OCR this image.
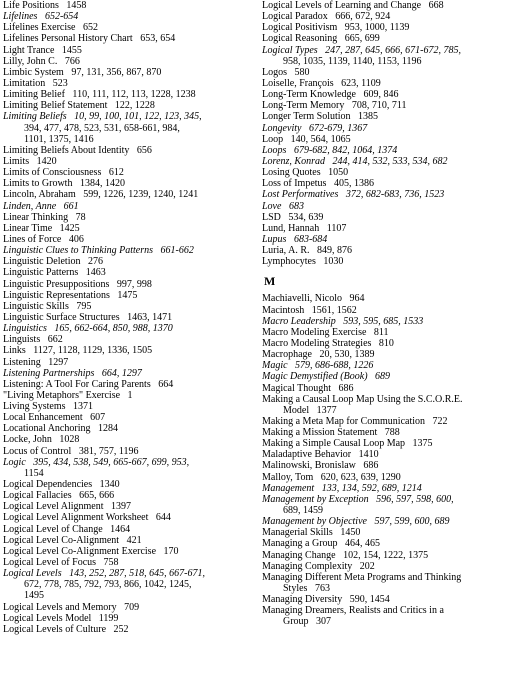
Life Positions   1458
Lifelines   652-654
Lifelines Exercise   652
Lifelines Personal History Chart   653, 654
Light Trance   1455
Lilly, John C.   766
Limbic System   97, 131, 356, 867, 870
Limitation   523
Limiting Belief   110, 111, 112, 113, 1228, 1238
Limiting Belief Statement   122, 1228
Limiting Beliefs   10, 99, 100, 101, 122, 123, 345,
394, 477, 478, 523, 531, 658-661, 984,
1101, 1375, 1416
Limiting Beliefs About Identity   656
Limits   1420
Limits of Consciousness   612
Limits to Growth   1384, 1420
Lincoln, Abraham   599, 1226, 1239, 1240, 1241
Linden, Anne   661
Linear Thinking   78
Linear Time   1425
Lines of Force   406
Linguistic Clues to Thinking Patterns   661-662
Linguistic Deletion   276
Linguistic Patterns   1463
Linguistic Presuppositions   997, 998
Linguistic Representations   1475
Linguistic Skills   795
Linguistic Surface Structures   1463, 1471
Linguistics   165, 662-664, 850, 988, 1370
Linguists   662
Links   1127, 1128, 1129, 1336, 1505
Listening   1297
Listening Partnerships   664, 1297
Listening: A Tool For Caring Parents   664
"Living Metaphors" Exercise   1
Living Systems   1371
Local Enhancement   607
Locational Anchoring   1284
Locke, John   1028
Locus of Control   381, 757, 1196
Logic   395, 434, 538, 549, 665-667, 699, 953,
1154
Logical Dependencies   1340
Logical Fallacies   665, 666
Logical Level Alignment   1397
Logical Level Alignment Worksheet   644
Logical Level of Change   1464
Logical Level Co-Alignment   421
Logical Level Co-Alignment Exercise   170
Logical Level of Focus   758
Logical Levels   143, 252, 287, 518, 645, 667-671,
672, 778, 785, 792, 793, 866, 1042, 1245,
1495
Logical Levels and Memory   709
Logical Levels Model   1199
Logical Levels of Culture   252
Logical Levels of Learning and Change   668
Logical Paradox   666, 672, 924
Logical Positivism   953, 1000, 1139
Logical Reasoning   665, 699
Logical Types   247, 287, 645, 666, 671-672, 785,
958, 1035, 1139, 1140, 1153, 1196
Logos   580
Loiselle, François   623, 1109
Long-Term Knowledge   609, 846
Long-Term Memory   708, 710, 711
Longer Term Solution   1385
Longevity   672-679, 1367
Loop   140, 564, 1065
Loops   679-682, 842, 1064, 1374
Lorenz, Konrad   244, 414, 532, 533, 534, 682
Losing Quotes   1050
Loss of Impetus   405, 1386
Lost Performatives   372, 682-683, 736, 1523
Love   683
LSD   534, 639
Lund, Hannah   1107
Lupus   683-684
Luria, A. R.   849, 876
Lymphocytes   1030
M
Machiavelli, Nicolo   964
Macintosh   1561, 1562
Macro Leadership   593, 595, 685, 1533
Macro Modeling Exercise   811
Macro Modeling Strategies   810
Macrophage   20, 530, 1389
Magic   579, 686-688, 1226
Magic Demystified (Book)   689
Magical Thought   686
Making a Causal Loop Map Using the S.C.O.R.E.
Model   1377
Making a Meta Map for Communication   722
Making a Mission Statement   788
Making a Simple Causal Loop Map   1375
Maladaptive Behavior   1410
Malinowski, Bronislaw   686
Malloy, Tom   620, 623, 639, 1290
Management   133, 134, 592, 689, 1214
Management by Exception   596, 597, 598, 600,
689, 1459
Management by Objective   597, 599, 600, 689
Managerial Skills   1450
Managing a Group   464, 465
Managing Change   102, 154, 1222, 1375
Managing Complexity   202
Managing Different Meta Programs and Thinking
Styles   763
Managing Diversity   590, 1454
Managing Dreamers, Realists and Critics in a
Group   307
